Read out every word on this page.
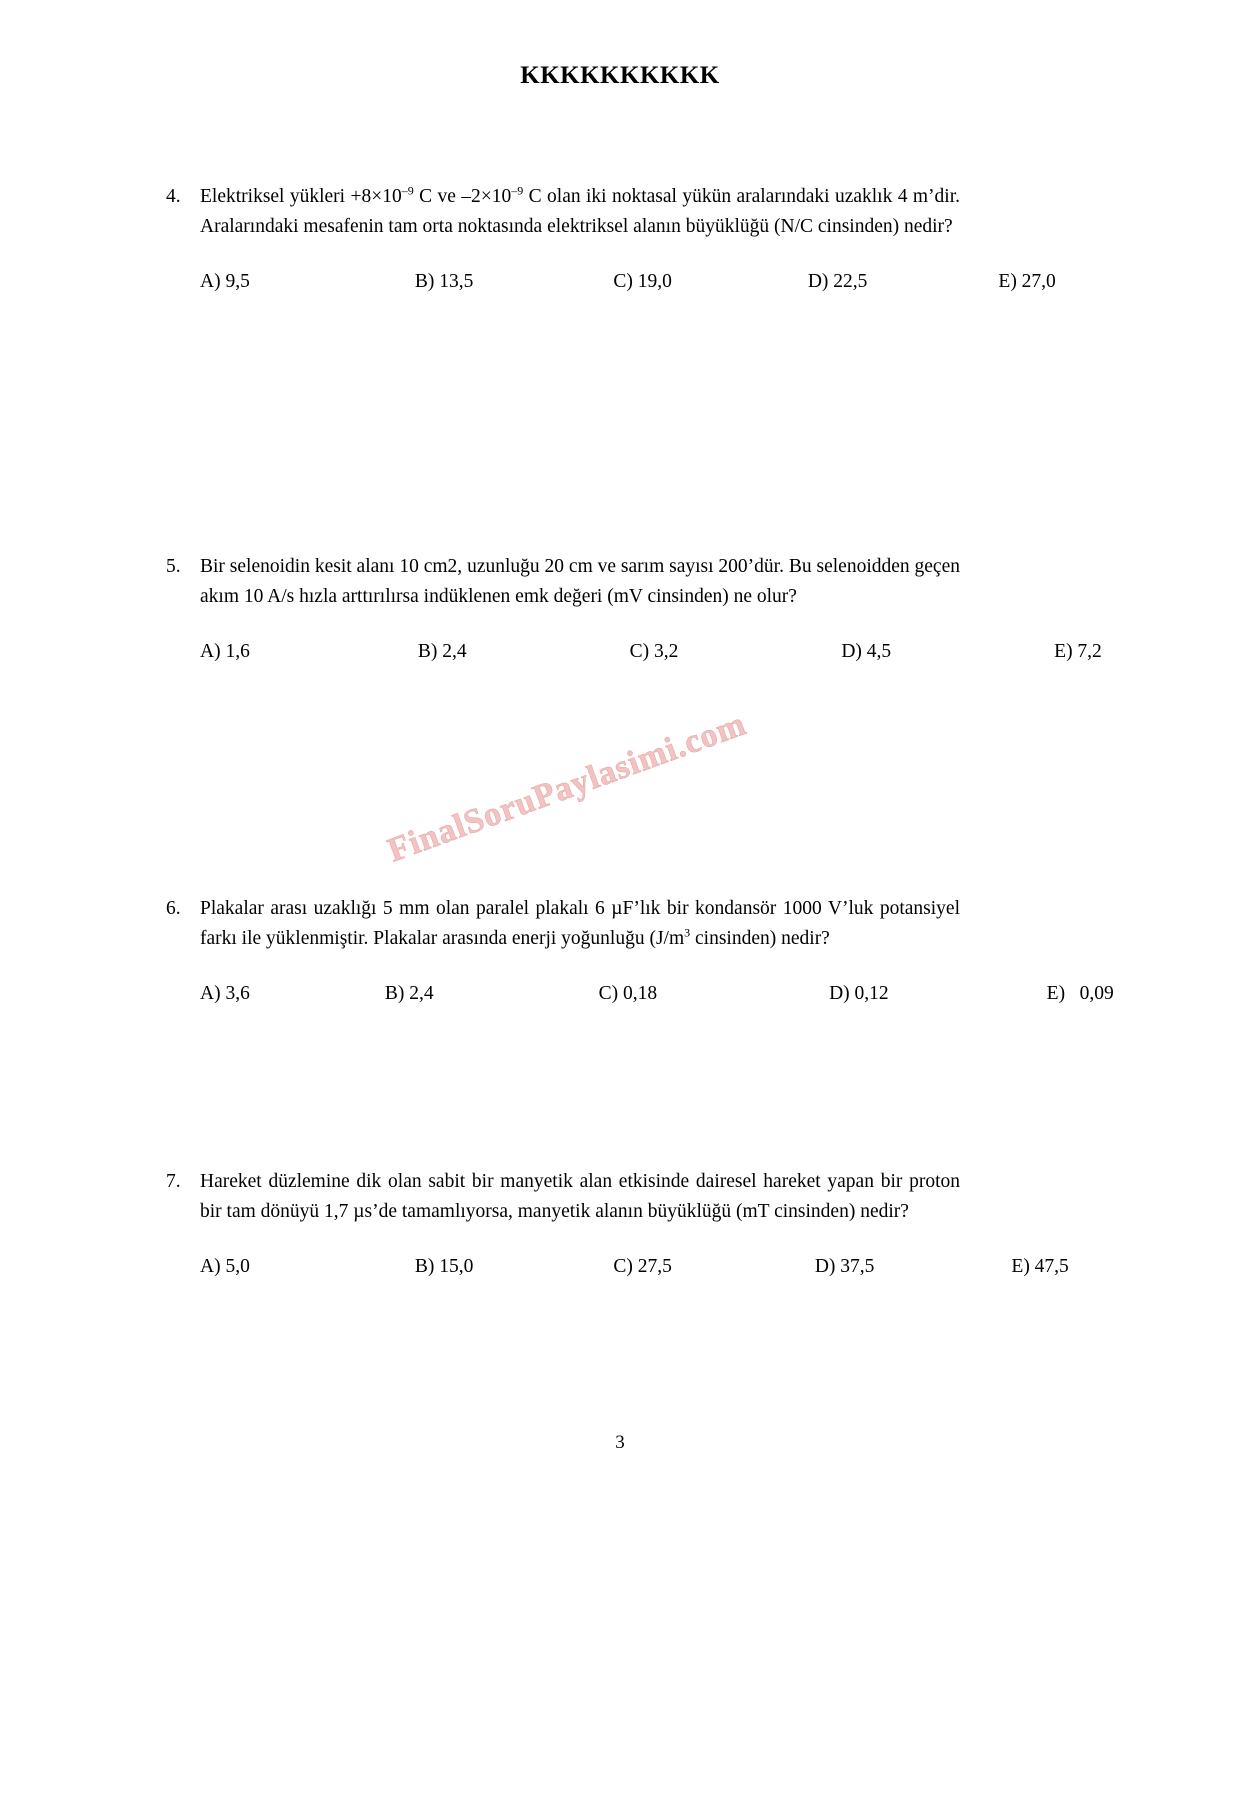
KKKKKKKKKK
FinalSoruPaylasimi.com
4. Elektriksel yükleri $+8\times 10^{-9}$ C ve $-2\times 10^{-9}$ C olan iki noktasal yükün aralarındaki uzaklık 4 m’dir. Aralarındaki mesafenin tam orta noktasında elektriksel alanın büyüklüğü (N/C cinsinden) nedir?
A) 9,5	B) 13,5	C) 19,0	D) 22,5	E) 27,0
5. Bir selenoidin kesit alanı 10 cm2, uzunluğu 20 cm ve sarım sayısı 200’dür. Bu selenoidden geçen akım 10 A/s hızla arttırılırsa indüklenen emk değeri (mV cinsinden) ne olur?
A) 1,6	B) 2,4	C) 3,2	D) 4,5	E) 7,2
6. Plakalar arası uzaklığı 5 mm olan paralel plakalı 6 µF’lık bir kondansör 1000 V’luk potansiyel farkı ile yüklenmiştir. Plakalar arasında enerji yoğunluğu ($J/m^3$ cinsinden) nedir?
A) 3,6	B) 2,4	C) 0,18	D) 0,12	E)   0,09
7. Hareket düzlemine dik olan sabit bir manyetik alan etkisinde dairesel hareket yapan bir proton bir tam dönüyü 1,7 µs’de tamamlıyorsa, manyetik alanın büyüklüğü (mT cinsinden) nedir?
A) 5,0	B) 15,0	C) 27,5	D) 37,5	E) 47,5
3
